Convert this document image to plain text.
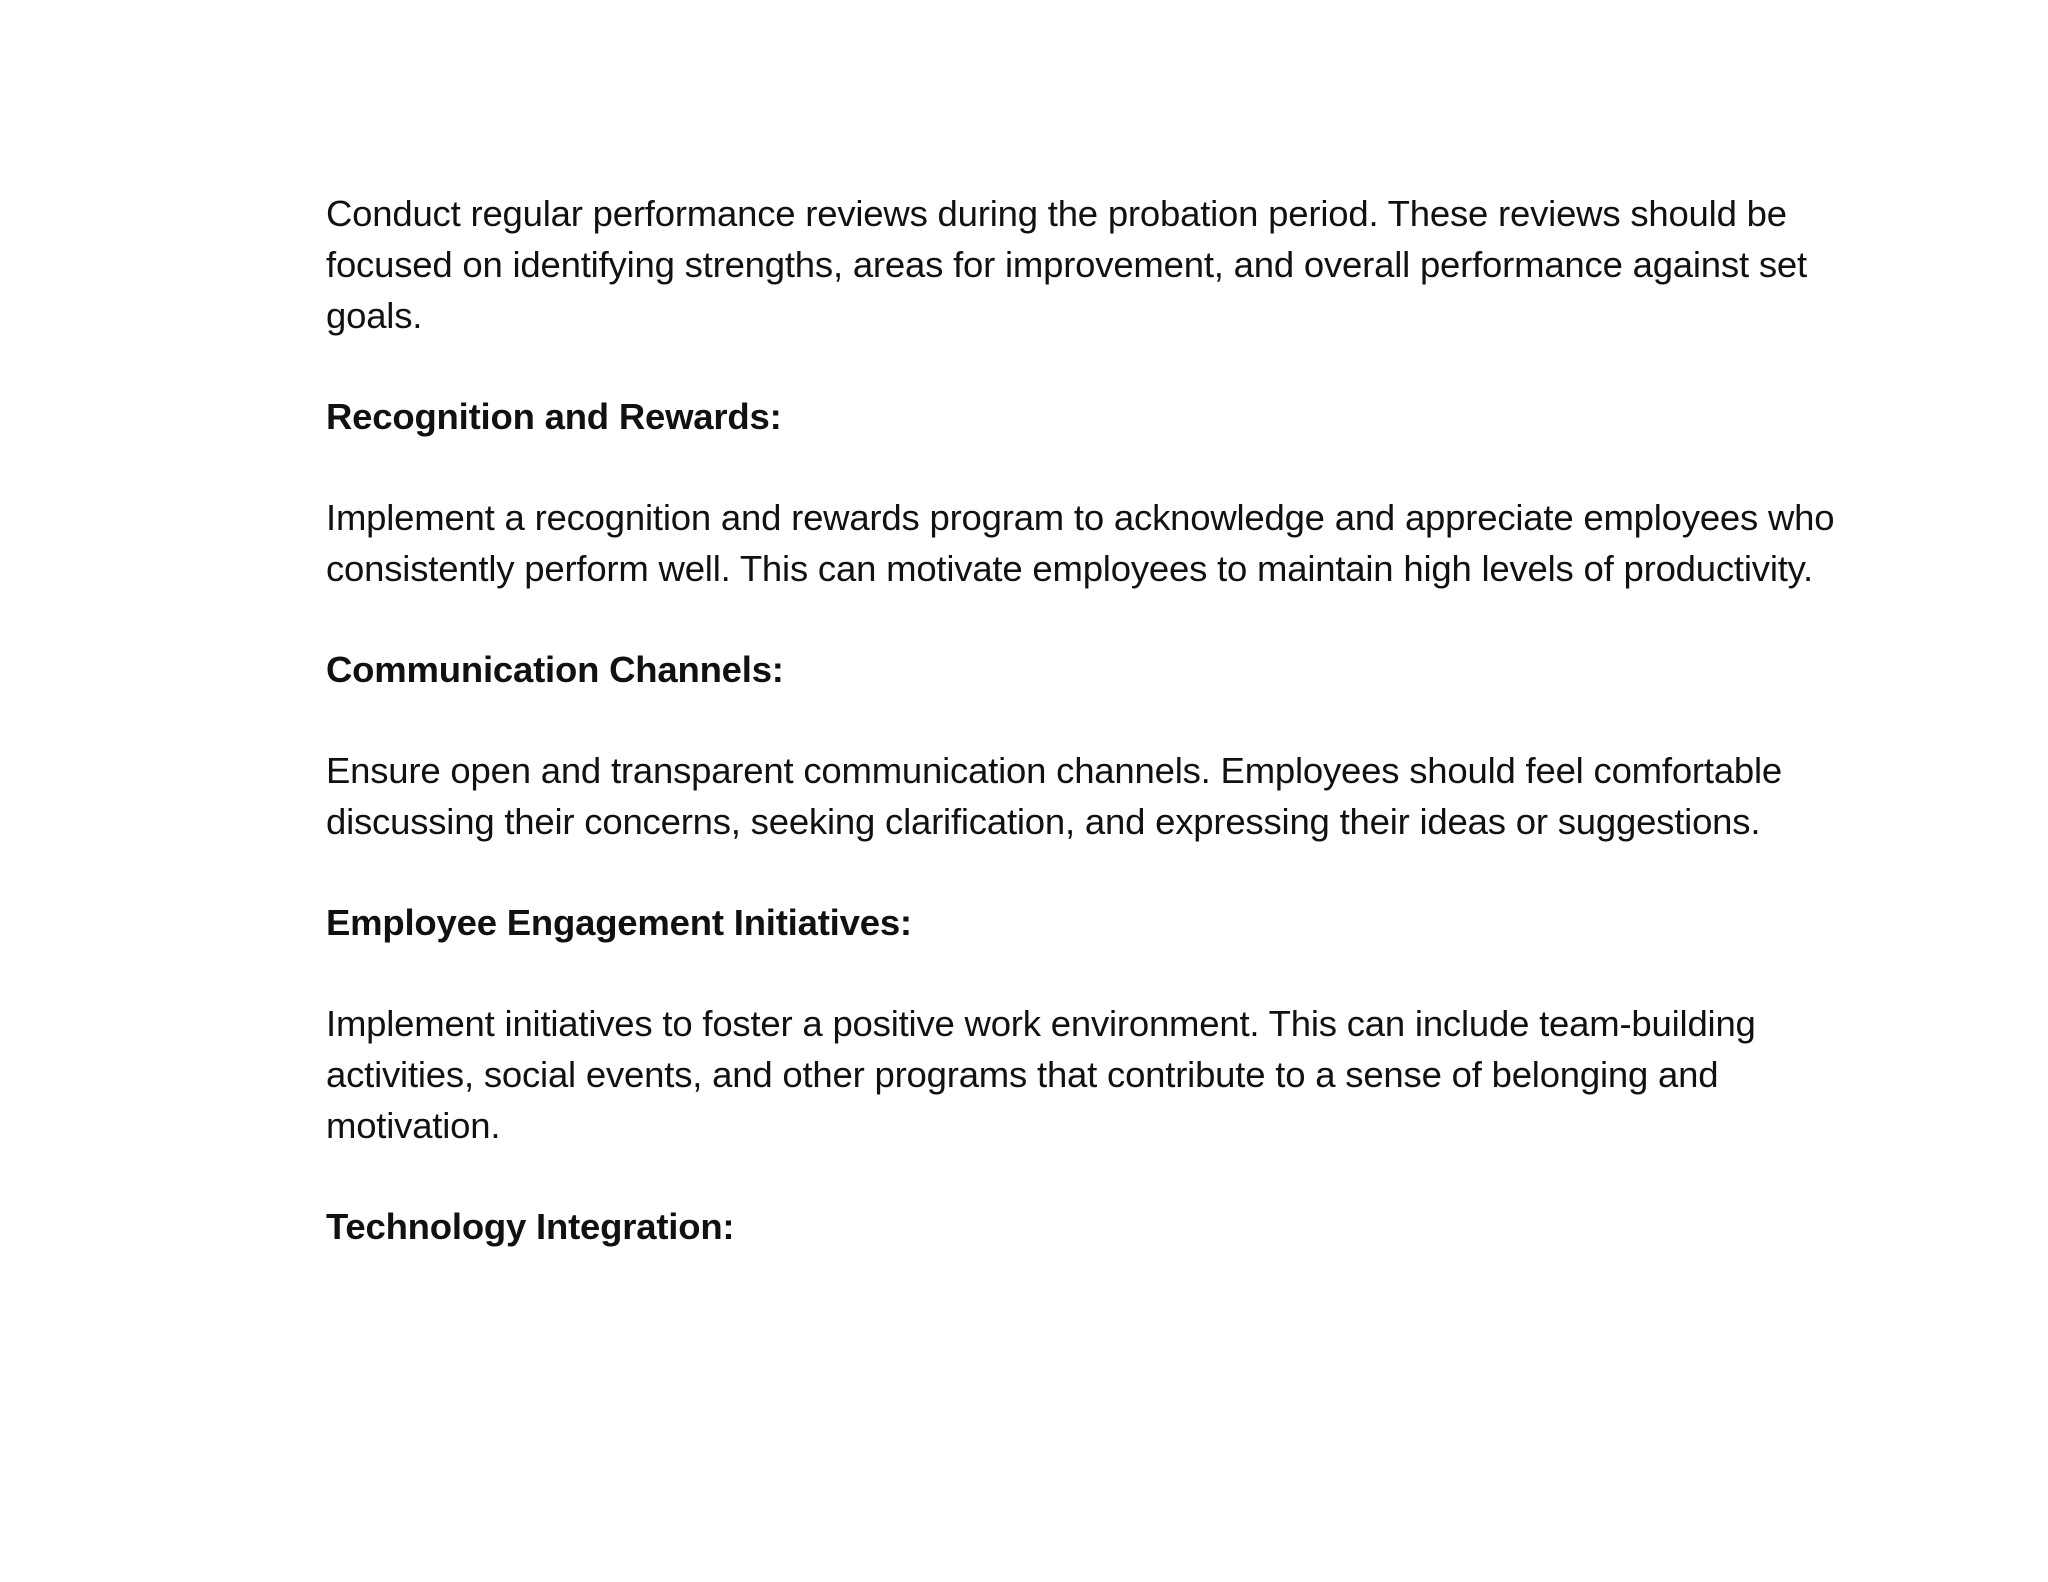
Conduct regular performance reviews during the probation period. These reviews should be focused on identifying strengths, areas for improvement, and overall performance against set goals.

Recognition and Rewards:

Implement a recognition and rewards program to acknowledge and appreciate employees who consistently perform well. This can motivate employees to maintain high levels of productivity.

Communication Channels:

Ensure open and transparent communication channels. Employees should feel comfortable discussing their concerns, seeking clarification, and expressing their ideas or suggestions.

Employee Engagement Initiatives:

Implement initiatives to foster a positive work environment. This can include team-building activities, social events, and other programs that contribute to a sense of belonging and motivation.

Technology Integration:
